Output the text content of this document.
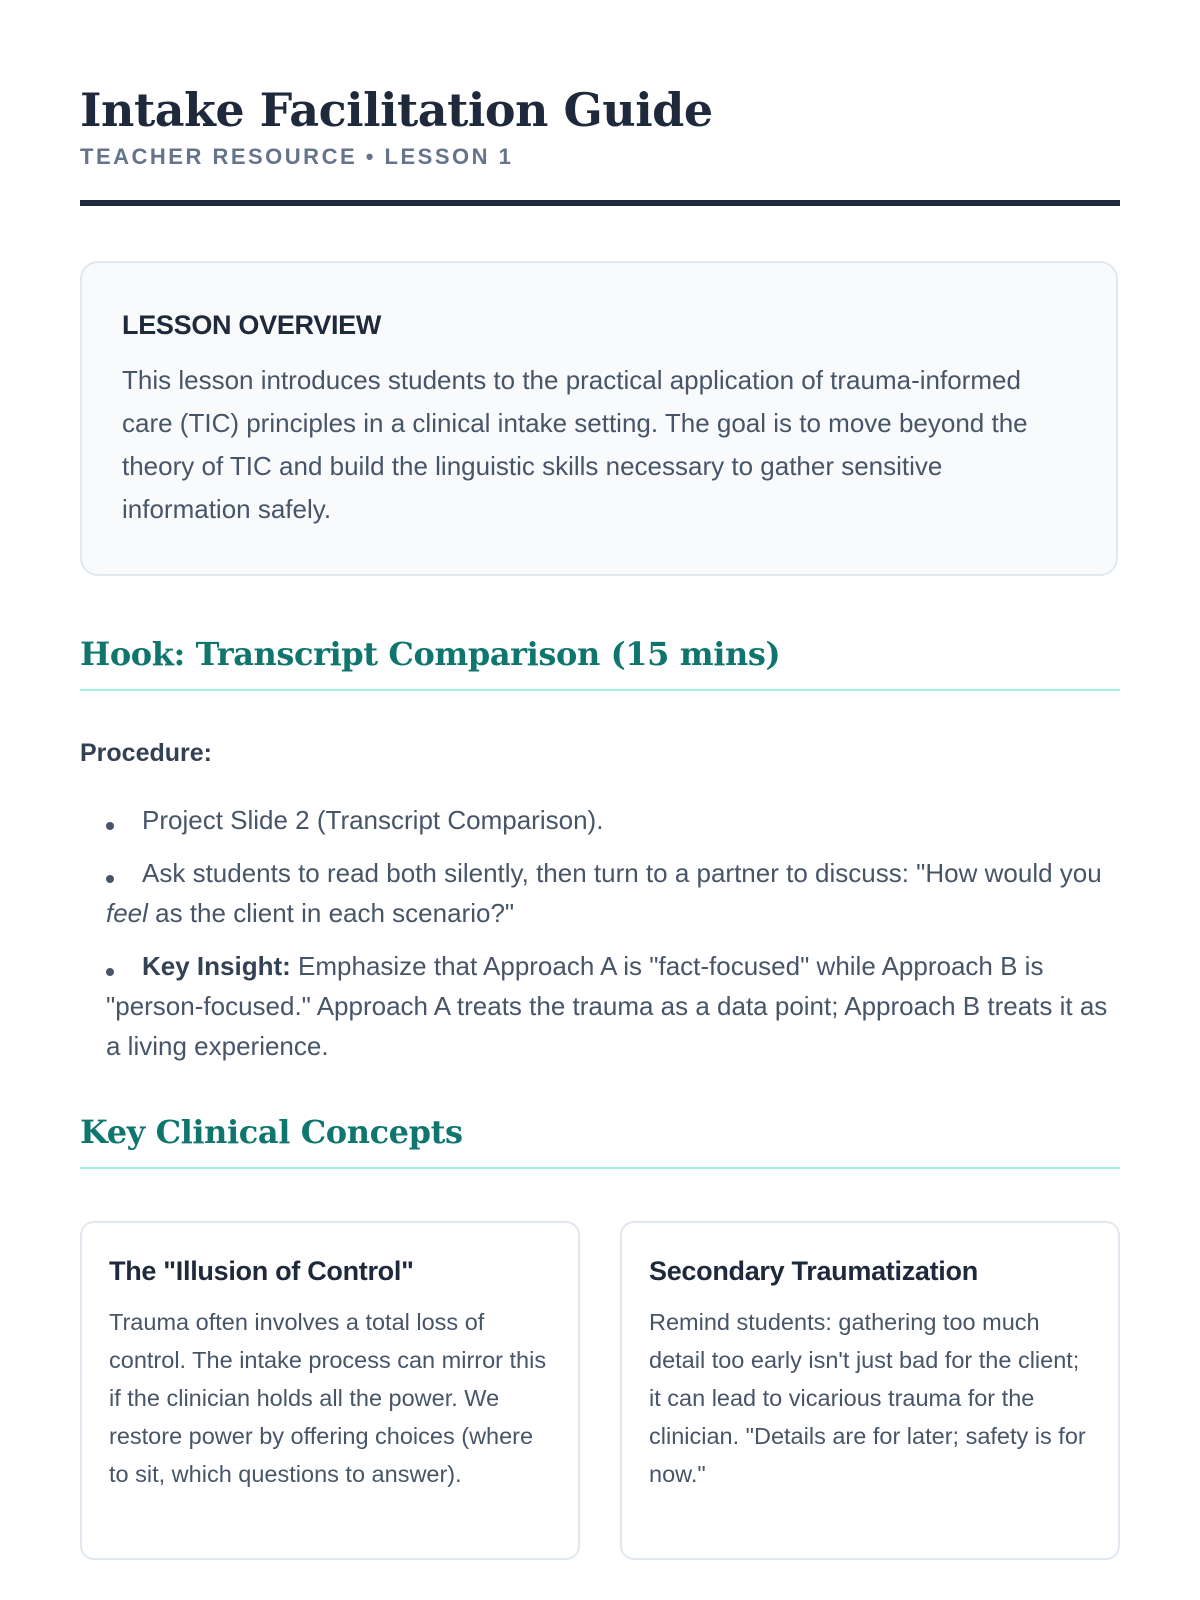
Intake Facilitation Guide
TEACHER RESOURCE • LESSON 1
LESSON OVERVIEW

This lesson introduces students to the practical application of trauma-informed care (TIC) principles in a clinical intake setting. The goal is to move beyond the theory of TIC and build the linguistic skills necessary to gather sensitive information safely.

Hook: Transcript Comparison (15 mins)
Procedure:
Project Slide 2 (Transcript Comparison).
Ask students to read both silently, then turn to a partner to discuss: "How would you feel as the client in each scenario?"
Key Insight: Emphasize that Approach A is "fact-focused" while Approach B is "person-focused." Approach A treats the trauma as a data point; Approach B treats it as a living experience.
Key Clinical Concepts
The "Illusion of Control"

Trauma often involves a total loss of control. The intake process can mirror this if the clinician holds all the power. We restore power by offering choices (where to sit, which questions to answer).

Secondary Traumatization

Remind students: gathering too much detail too early isn't just bad for the client; it can lead to vicarious trauma for the clinician. "Details are for later; safety is for now."
